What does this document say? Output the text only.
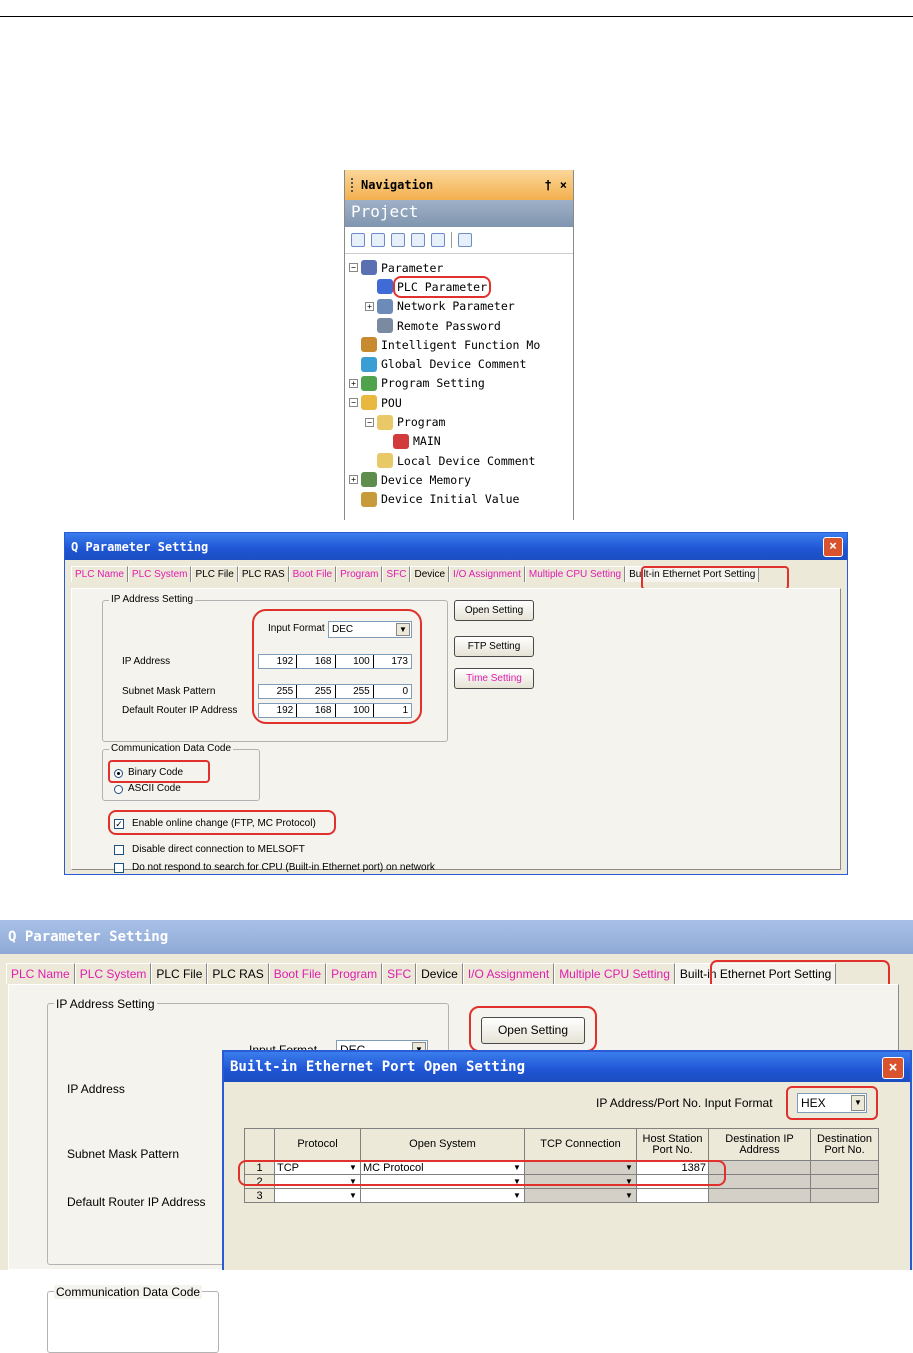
Navigation	† ×
Project
− Parameter
PLC Parameter
+ Network Parameter
Remote Password
Intelligent Function Mo
Global Device Comment
+ Program Setting
− POU
− Program
MAIN
Local Device Comment
+ Device Memory
Device Initial Value
Q Parameter Setting	×
PLC Name PLC System PLC File PLC RAS Boot File Program SFC Device I/O Assignment Multiple CPU Setting Built-in Ethernet Port Setting
IP Address Setting
Input Format DEC	▼
IP Address	192	168	100	173
Subnet Mask Pattern	255	255	255	0
Default Router IP Address	192	168	100	1
Open Setting
FTP Setting
Time Setting
Communication Data Code
Binary Code
ASCII Code
✓ Enable online change (FTP, MC Protocol)
Disable direct connection to MELSOFT
Do not respond to search for CPU (Built-in Ethernet port) on network
Q Parameter Setting
PLC Name PLC System PLC File PLC RAS Boot File Program SFC Device I/O Assignment Multiple CPU Setting Built-in Ethernet Port Setting
IP Address Setting
IP Address
Subnet Mask Pattern
Default Router IP Address
Communication Data Code
Open Setting
Built-in Ethernet Port Open Setting	×
IP Address/Port No. Input Format	HEX	▼
	Protocol	Open System	TCP Connection	Host Station Port No.	Destination IP Address	Destination Port No.
1	TCP ▼	MC Protocol ▼	▼	1387		
2	▼	▼	▼			

3	▼	▼	▼			
